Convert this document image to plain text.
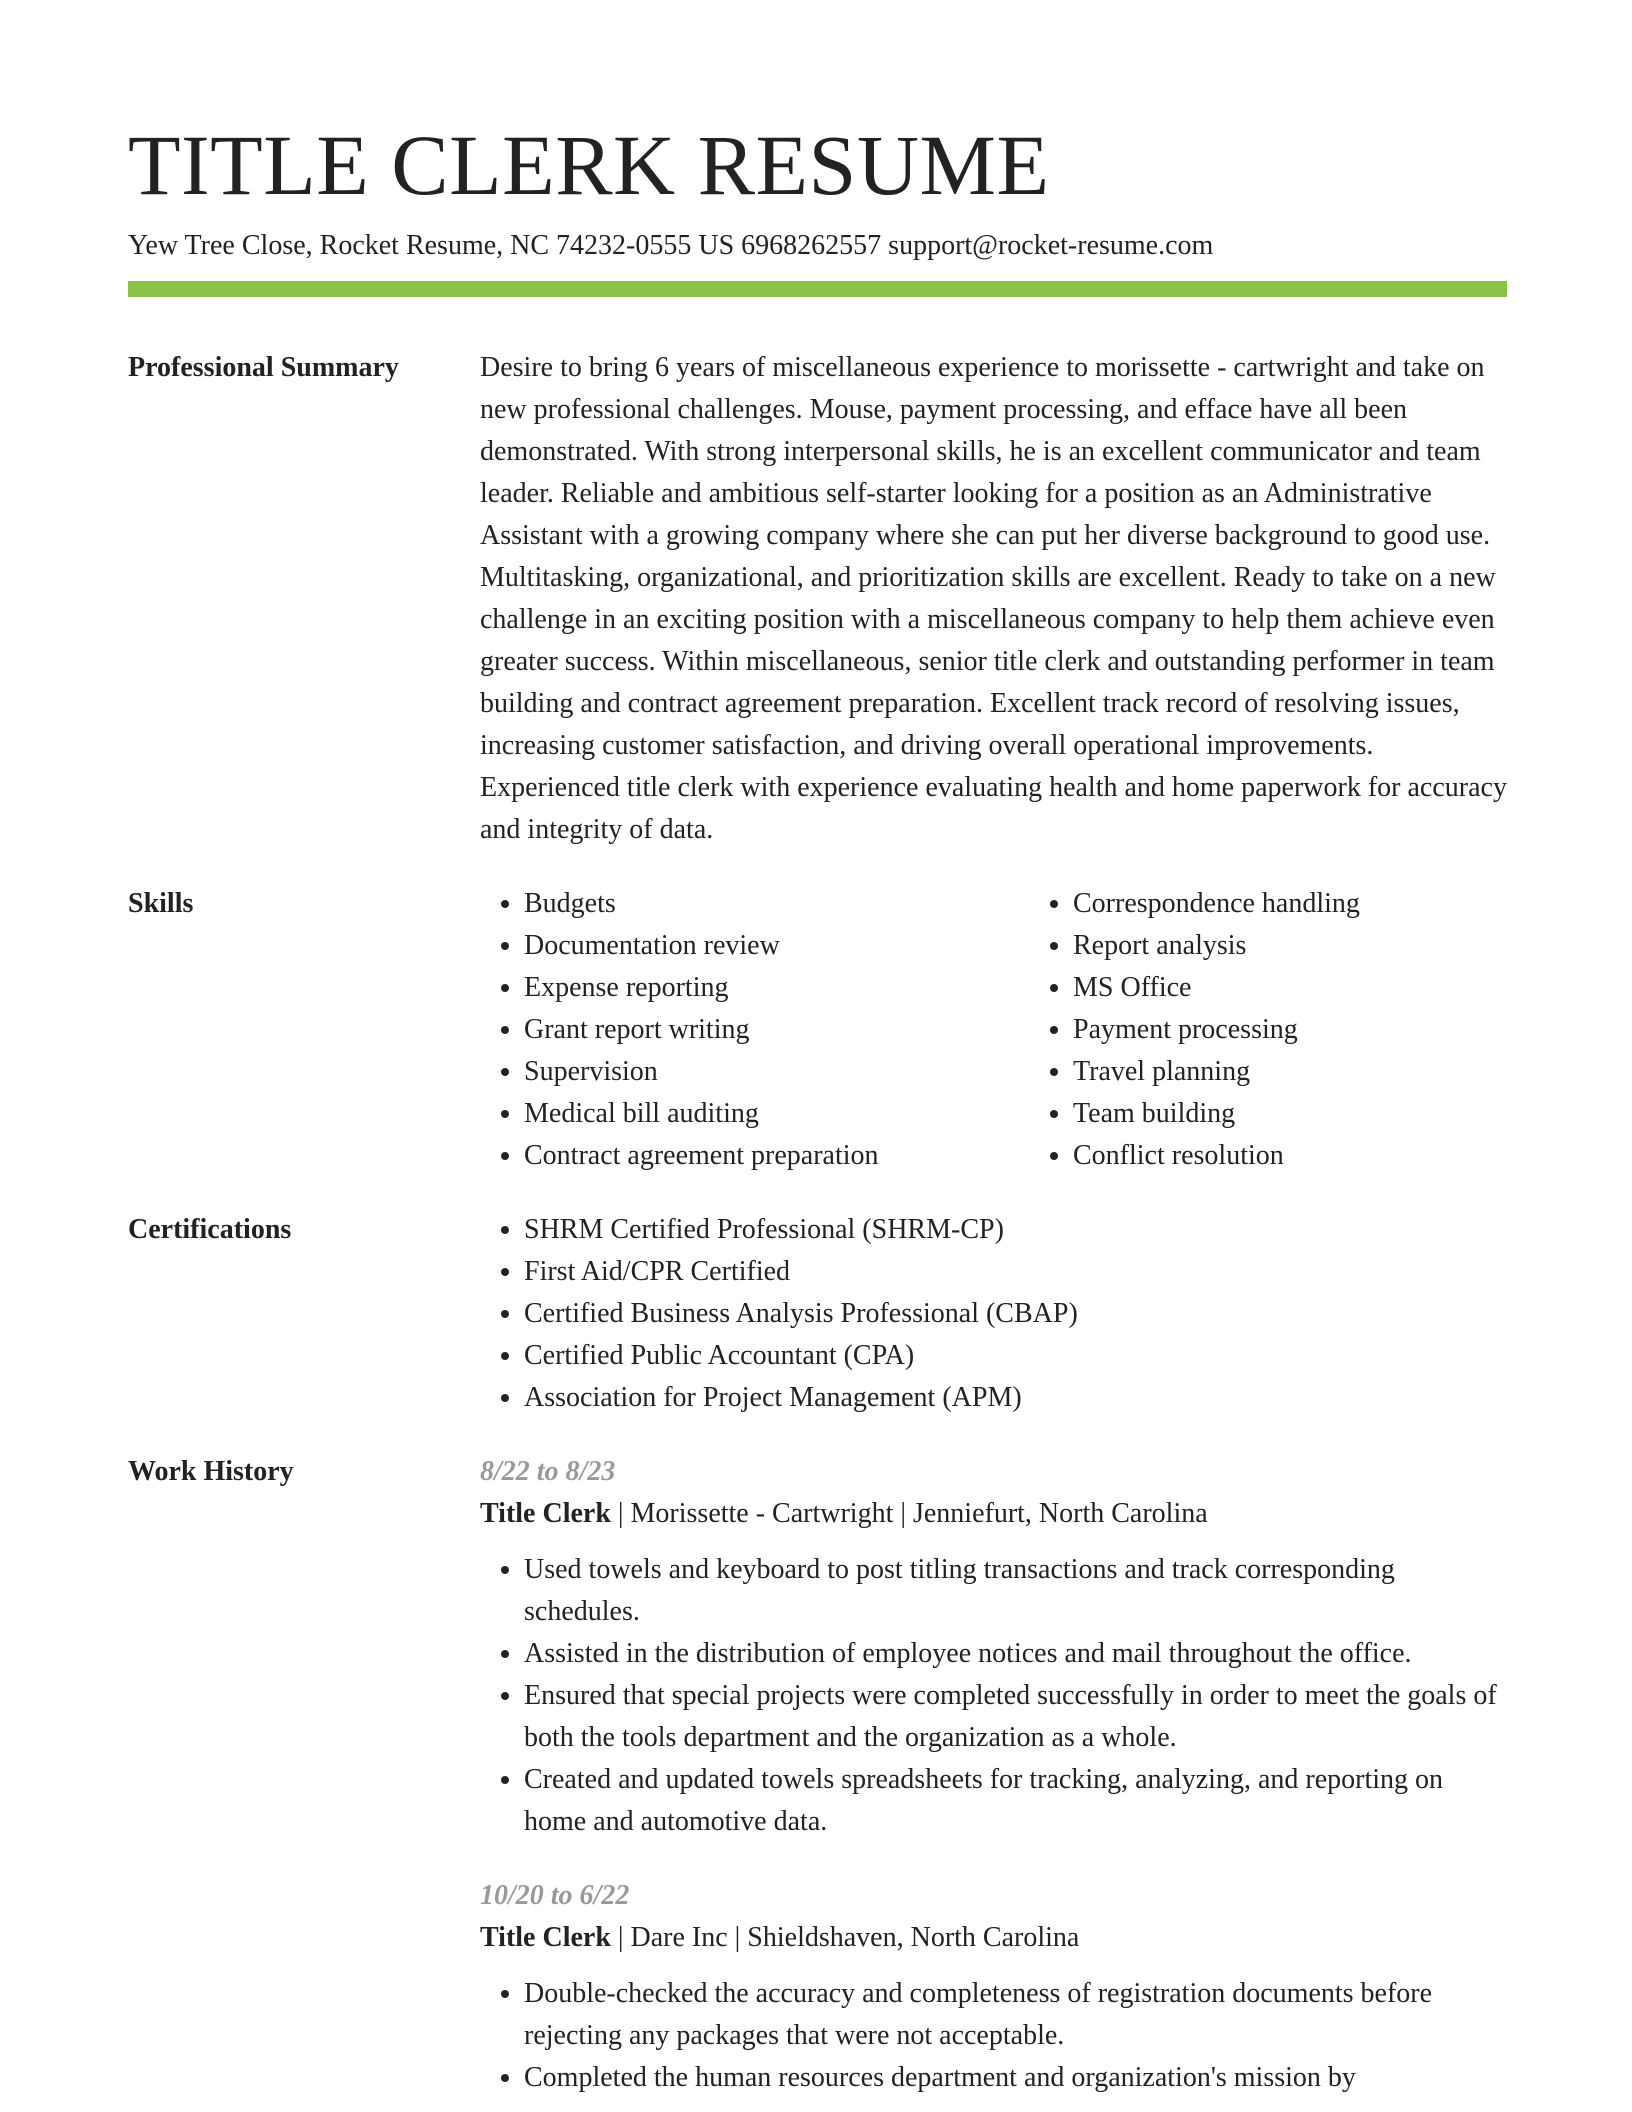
TITLE CLERK RESUME
Yew Tree Close, Rocket Resume, NC 74232-0555 US 6968262557 support@rocket-resume.com
Professional Summary	Desire to bring 6 years of miscellaneous experience to morissette - cartwright and take on new professional challenges. Mouse, payment processing, and efface have all been demonstrated. With strong interpersonal skills, he is an excellent communicator and team leader. Reliable and ambitious self-starter looking for a position as an Administrative Assistant with a growing company where she can put her diverse background to good use. Multitasking, organizational, and prioritization skills are excellent. Ready to take on a new challenge in an exciting position with a miscellaneous company to help them achieve even greater success. Within miscellaneous, senior title clerk and outstanding performer in team building and contract agreement preparation. Excellent track record of resolving issues, increasing customer satisfaction, and driving overall operational improvements. Experienced title clerk with experience evaluating health and home paperwork for accuracy and integrity of data.
Skills	• Budgets
• Documentation review
• Expense reporting
• Grant report writing
• Supervision
• Medical bill auditing
• Contract agreement preparation
• Correspondence handling
• Report analysis
• MS Office
• Payment processing
• Travel planning
• Team building
• Conflict resolution
Certifications	• SHRM Certified Professional (SHRM-CP)
• First Aid/CPR Certified
• Certified Business Analysis Professional (CBAP)
• Certified Public Accountant (CPA)
• Association for Project Management (APM)
Work History	8/22 to 8/23
Title Clerk | Morissette - Cartwright | Jenniefurt, North Carolina
• Used towels and keyboard to post titling transactions and track corresponding schedules.
• Assisted in the distribution of employee notices and mail throughout the office.
• Ensured that special projects were completed successfully in order to meet the goals of both the tools department and the organization as a whole.
• Created and updated towels spreadsheets for tracking, analyzing, and reporting on home and automotive data.
10/20 to 6/22
Title Clerk | Dare Inc | Shieldshaven, North Carolina
• Double-checked the accuracy and completeness of registration documents before rejecting any packages that were not acceptable.
• Completed the human resources department and organization's mission by
